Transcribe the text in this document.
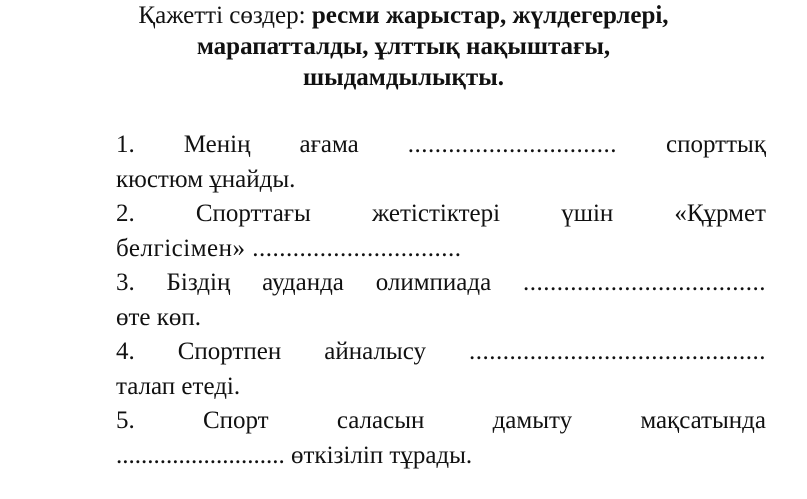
Қажетті сөздер: ресми жарыстар, жүлдегерлері,
марапатталды, ұлттық нақыштағы,
шыдамдылықты.
1. Менің ағама ............................... спорттық
кюстюм ұнайды.
2. Спорттағы жетістіктері үшін «Құрмет
белгісімен» ...............................
3. Біздің ауданда олимпиада ....................................
өте көп.
4. Спортпен айналысу ............................................
талап етеді.
5.	Спорт	саласын	дамыту	мақсатында
........................... өткізіліп тұрады.
